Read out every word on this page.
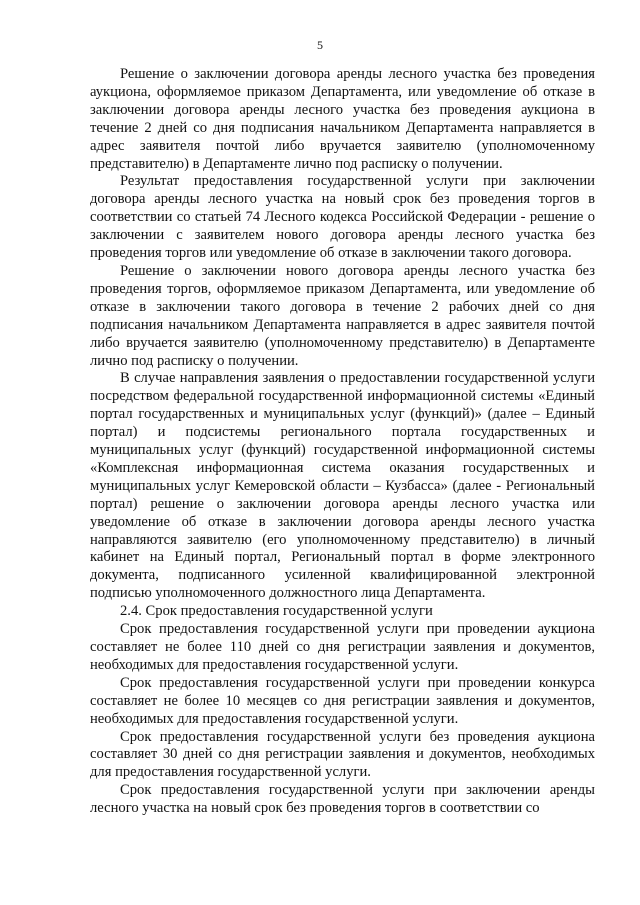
5

Решение о заключении договора аренды лесного участка без проведения аукциона, оформляемое приказом Департамента, или уведомление об отказе в заключении договора аренды лесного участка без проведения аукциона в течение 2 дней со дня подписания начальником Департамента направляется в адрес заявителя почтой либо вручается заявителю (уполномоченному представителю) в Департаменте лично под расписку о получении.

Результат предоставления государственной услуги при заключении договора аренды лесного участка на новый срок без проведения торгов в соответствии со статьей 74 Лесного кодекса Российской Федерации - решение о заключении с заявителем нового договора аренды лесного участка без проведения торгов или уведомление об отказе в заключении такого договора.

Решение о заключении нового договора аренды лесного участка без проведения торгов, оформляемое приказом Департамента, или уведомление об отказе в заключении такого договора в течение 2 рабочих дней со дня подписания начальником Департамента направляется в адрес заявителя почтой либо вручается заявителю (уполномоченному представителю) в Департаменте лично под расписку о получении.

В случае направления заявления о предоставлении государственной услуги посредством федеральной государственной информационной системы «Единый портал государственных и муниципальных услуг (функций)» (далее – Единый портал) и подсистемы регионального портала государственных и муниципальных услуг (функций) государственной информационной системы «Комплексная информационная система оказания государственных и муниципальных услуг Кемеровской области – Кузбасса» (далее - Региональный портал) решение о заключении договора аренды лесного участка или уведомление об отказе в заключении договора аренды лесного участка направляются заявителю (его уполномоченному представителю) в личный кабинет на Единый портал, Региональный портал в форме электронного документа, подписанного усиленной квалифицированной электронной подписью уполномоченного должностного лица Департамента.

2.4. Срок предоставления государственной услуги

Срок предоставления государственной услуги при проведении аукциона составляет не более 110 дней со дня регистрации заявления и документов, необходимых для предоставления государственной услуги.

Срок предоставления государственной услуги при проведении конкурса составляет не более 10 месяцев со дня регистрации заявления и документов, необходимых для предоставления государственной услуги.

Срок предоставления государственной услуги без проведения аукциона составляет 30 дней со дня регистрации заявления и документов, необходимых для предоставления государственной услуги.

Срок предоставления государственной услуги при заключении аренды лесного участка на новый срок без проведения торгов в соответствии со
